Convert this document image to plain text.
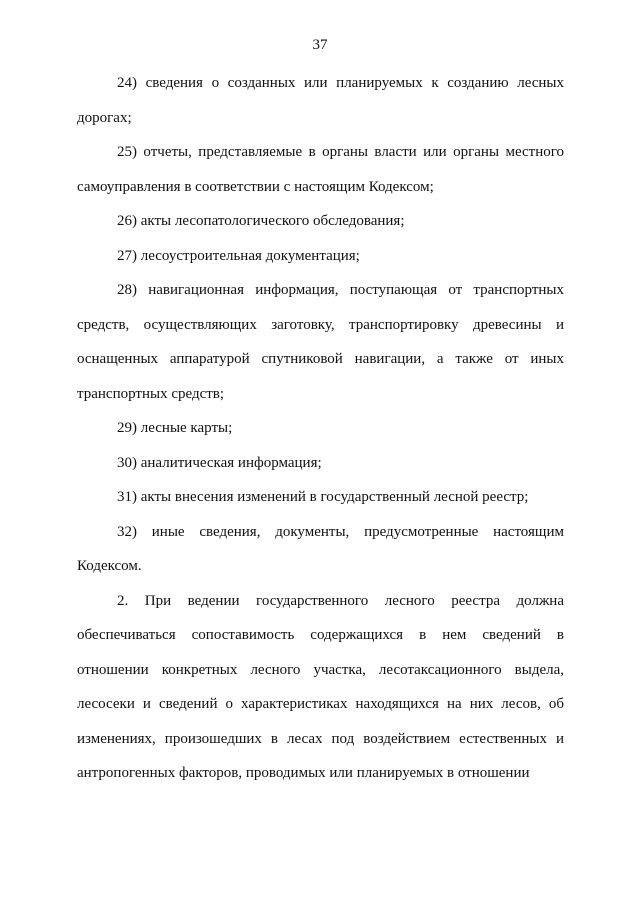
37

24) сведения о созданных или планируемых к созданию лесных дорогах;

25) отчеты, представляемые в органы власти или органы местного самоуправления в соответствии с настоящим Кодексом;

26) акты лесопатологического обследования;

27) лесоустроительная документация;

28) навигационная информация, поступающая от транспортных средств, осуществляющих заготовку, транспортировку древесины и оснащенных аппаратурой спутниковой навигации, а также от иных транспортных средств;

29) лесные карты;

30) аналитическая информация;

31) акты внесения изменений в государственный лесной реестр;

32) иные сведения, документы, предусмотренные настоящим Кодексом.

2. При ведении государственного лесного реестра должна обеспечиваться сопоставимость содержащихся в нем сведений в отношении конкретных лесного участка, лесотаксационного выдела, лесосеки и сведений о характеристиках находящихся на них лесов, об изменениях, произошедших в лесах под воздействием естественных и антропогенных факторов, проводимых или планируемых в отношении
